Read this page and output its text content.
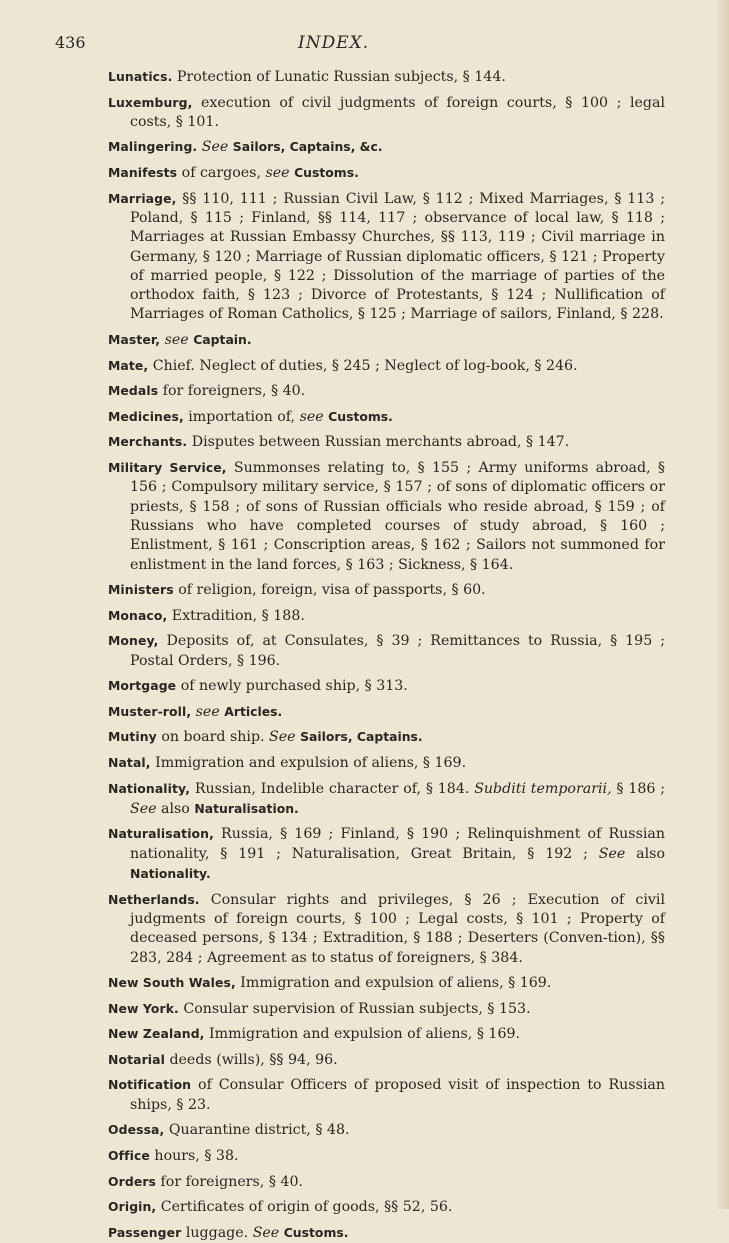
436	INDEX.
Lunatics. Protection of Lunatic Russian subjects, § 144.
Luxemburg, execution of civil judgments of foreign courts, § 100 ; legal costs, § 101.
Malingering. See Sailors, Captains, &c.
Manifests of cargoes, see Customs.
Marriage, §§ 110, 111 ; Russian Civil Law, § 112 ; Mixed Marriages, § 113 ; Poland, § 115 ; Finland, §§ 114, 117 ; observance of local law, § 118 ; Marriages at Russian Embassy Churches, §§ 113, 119 ; Civil marriage in Germany, § 120 ; Marriage of Russian diplomatic officers, § 121 ; Property of married people, § 122 ; Dissolution of the marriage of parties of the orthodox faith, § 123 ; Divorce of Protestants, § 124 ; Nullification of Marriages of Roman Catholics, § 125 ; Marriage of sailors, Finland, § 228.
Master, see Captain.
Mate, Chief. Neglect of duties, § 245 ; Neglect of log-book, § 246.
Medals for foreigners, § 40.
Medicines, importation of, see Customs.
Merchants. Disputes between Russian merchants abroad, § 147.
Military Service, Summonses relating to, § 155 ; Army uniforms abroad, § 156 ; Compulsory military service, § 157 ; of sons of diplomatic officers or priests, § 158 ; of sons of Russian officials who reside abroad, § 159 ; of Russians who have completed courses of study abroad, § 160 ; Enlistment, § 161 ; Conscription areas, § 162 ; Sailors not summoned for enlistment in the land forces, § 163 ; Sickness, § 164.
Ministers of religion, foreign, visa of passports, § 60.
Monaco, Extradition, § 188.
Money, Deposits of, at Consulates, § 39 ; Remittances to Russia, § 195 ; Postal Orders, § 196.
Mortgage of newly purchased ship, § 313.
Muster-roll, see Articles.
Mutiny on board ship. See Sailors, Captains.
Natal, Immigration and expulsion of aliens, § 169.
Nationality, Russian, Indelible character of, § 184. Subditi temporarii, § 186 ; See also Naturalisation.
Naturalisation, Russia, § 169 ; Finland, § 190 ; Relinquishment of Russian nationality, § 191 ; Naturalisation, Great Britain, § 192 ; See also Nationality.
Netherlands. Consular rights and privileges, § 26 ; Execution of civil judgments of foreign courts, § 100 ; Legal costs, § 101 ; Property of deceased persons, § 134 ; Extradition, § 188 ; Deserters (Conven-tion), §§ 283, 284 ; Agreement as to status of foreigners, § 384.
New South Wales, Immigration and expulsion of aliens, § 169.
New York. Consular supervision of Russian subjects, § 153.
New Zealand, Immigration and expulsion of aliens, § 169.
Notarial deeds (wills), §§ 94, 96.
Notification of Consular Officers of proposed visit of inspection to Russian ships, § 23.
Odessa, Quarantine district, § 48.
Office hours, § 38.
Orders for foreigners, § 40.
Origin, Certificates of origin of goods, §§ 52, 56.
Passenger luggage. See Customs.
